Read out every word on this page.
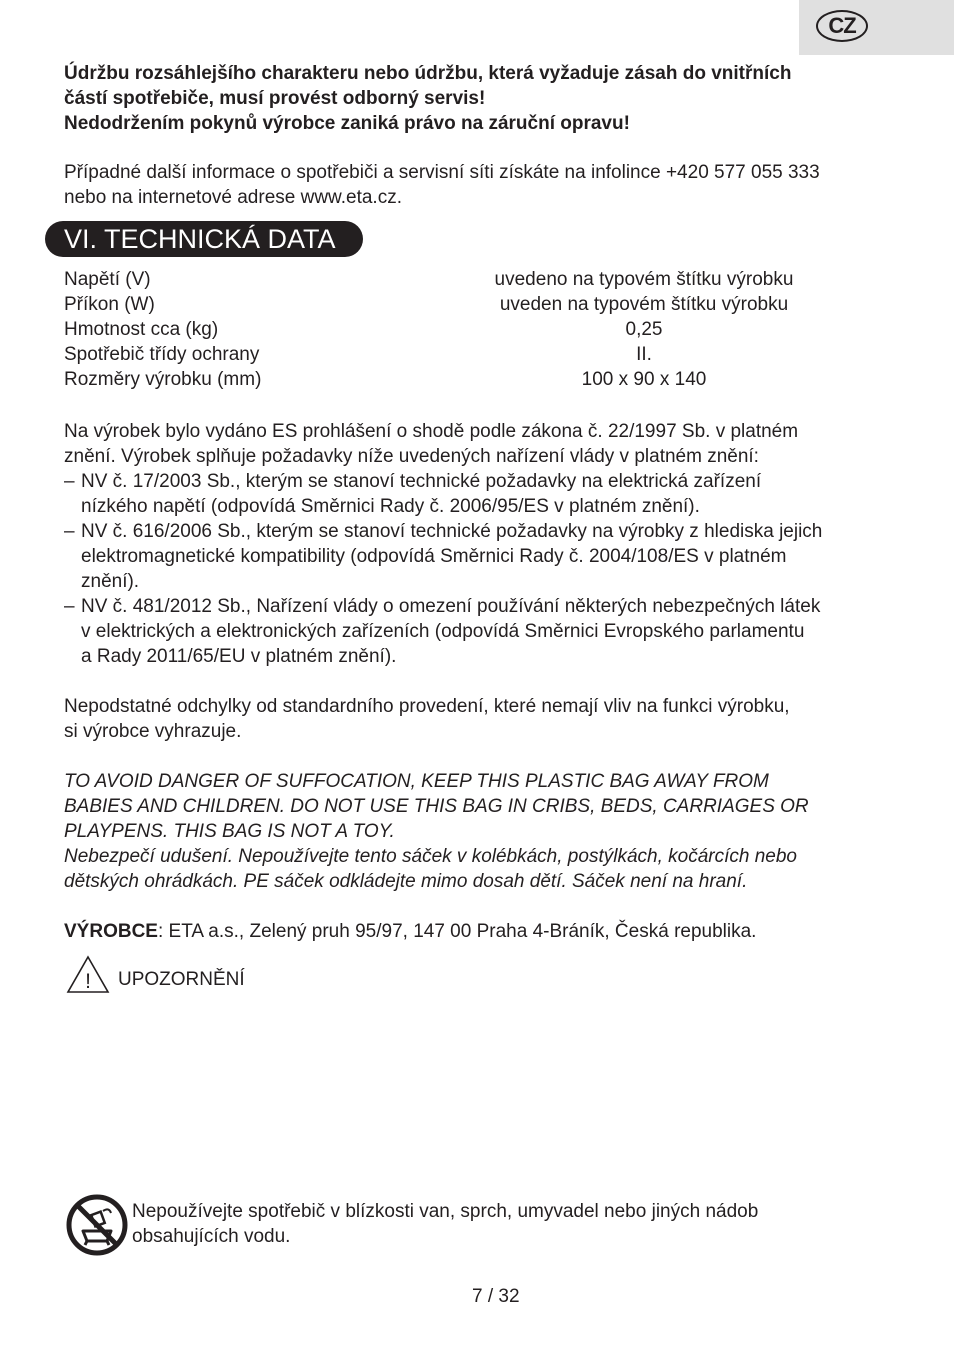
CZ
Údržbu rozsáhlejšího charakteru nebo údržbu, která vyžaduje zásah do vnitřních
částí spotřebiče, musí provést odborný servis!
Nedodržením pokynů výrobce zaniká právo na záruční opravu!
Případné další informace o spotřebiči a servisní síti získáte na infolince +420 577 055 333
nebo na internetové adrese www.eta.cz.
VI. TECHNICKÁ DATA
Napětí (V)	uvedeno na typovém štítku výrobku
Příkon (W)	uveden na typovém štítku výrobku
Hmotnost cca (kg)	0,25
Spotřebič třídy ochrany	II.
Rozměry výrobku (mm)	100 x 90 x 140
Na výrobek bylo vydáno ES prohlášení o shodě podle zákona č. 22/1997 Sb. v platném
znění. Výrobek splňuje požadavky níže uvedených nařízení vlády v platném znění:
– NV č. 17/2003 Sb., kterým se stanoví technické požadavky na elektrická zařízení
nízkého napětí (odpovídá Směrnici Rady č. 2006/95/ES v platném znění).
– NV č. 616/2006 Sb., kterým se stanoví technické požadavky na výrobky z hlediska jejich
elektromagnetické kompatibility (odpovídá Směrnici Rady č. 2004/108/ES v platném
znění).
– NV č. 481/2012 Sb., Nařízení vlády o omezení používání některých nebezpečných látek
v elektrických a elektronických zařízeních (odpovídá Směrnici Evropského parlamentu
a Rady 2011/65/EU v platném znění).
Nepodstatné odchylky od standardního provedení, které nemají vliv na funkci výrobku,
si výrobce vyhrazuje.
TO AVOID DANGER OF SUFFOCATION, KEEP THIS PLASTIC BAG AWAY FROM
BABIES AND CHILDREN. DO NOT USE THIS BAG IN CRIBS, BEDS, CARRIAGES OR
PLAYPENS. THIS BAG IS NOT A TOY.
Nebezpečí udušení. Nepoužívejte tento sáček v kolébkách, postýlkách, kočárcích nebo
dětských ohrádkách. PE sáček odkládejte mimo dosah dětí. Sáček není na hraní.
VÝROBCE: ETA a.s., Zelený pruh 95/97, 147 00 Praha 4-Bráník, Česká republika.
! UPOZORNĚNÍ
Nepoužívejte spotřebič v blízkosti van, sprch, umyvadel nebo jiných nádob
obsahujících vodu.
7 / 32
